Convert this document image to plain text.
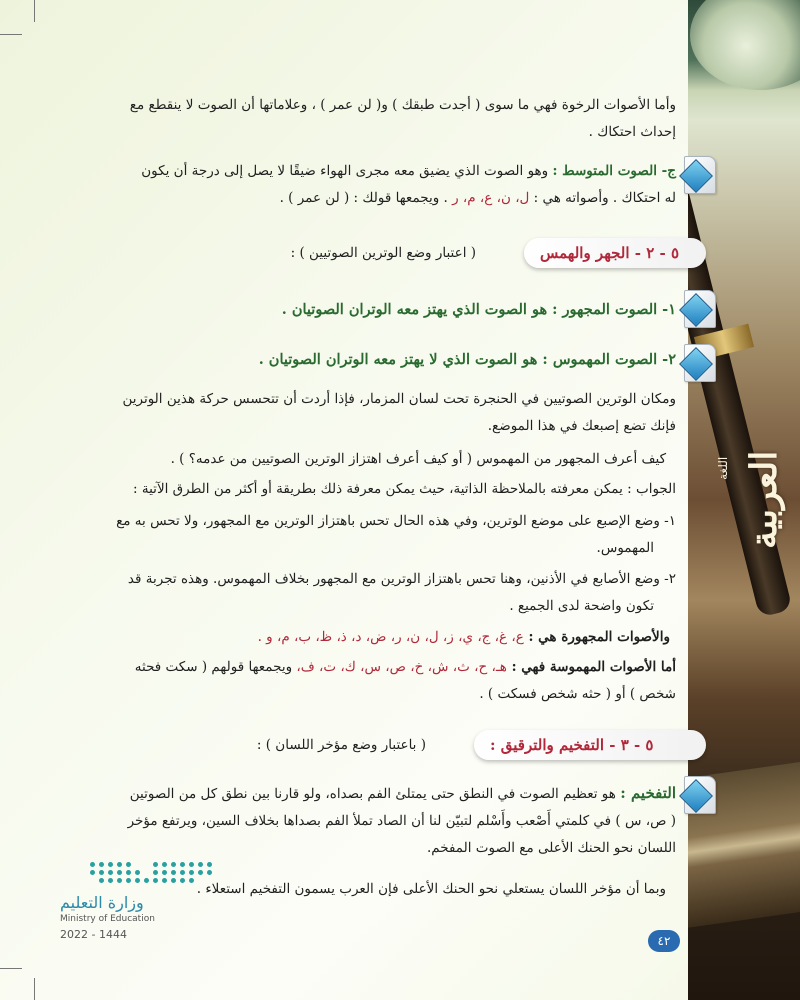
العربية
اللغة

وأما الأصوات الرخوة فهي ما سوى ( أجدت طبقك ) و( لن عمر ) ، وعلاماتها أن الصوت لا ينقطع مع

إحداث احتكاك .

ج- الصوت المتوسط : وهو الصوت الذي يضيق معه مجرى الهواء ضيقًا لا يصل إلى درجة أن يكون

له احتكاك . وأصواته هي : ل، ن، ع، م، ر . ويجمعها قولك : ( لن عمر ) .

٥ - ٢ - الجهر والهمس

( اعتبار وضع الوترين الصوتيين ) :

١- الصوت المجهور : هو الصوت الذي يهتز معه الوتران الصوتيان .

٢- الصوت المهموس : هو الصوت الذي لا يهتز معه الوتران الصوتيان .

ومكان الوترين الصوتيين في الحنجرة تحت لسان المزمار، فإذا أردت أن تتحسس حركة هذين الوترين

فإنك تضع إصبعك في هذا الموضع.

كيف أعرف المجهور من المهموس ( أو كيف أعرف اهتزاز الوترين الصوتيين من عدمه؟ ) .

الجواب : يمكن معرفته بالملاحظة الذاتية، حيث يمكن معرفة ذلك بطريقة أو أكثر من الطرق الآتية :

١- وضع الإصبع على موضع الوترين، وفي هذه الحال تحس باهتزاز الوترين مع المجهور، ولا تحس به مع

المهموس.

٢- وضع الأصابع في الأذنين، وهنا تحس باهتزاز الوترين مع المجهور بخلاف المهموس. وهذه تجربة قد

تكون واضحة لدى الجميع .

والأصوات المجهورة هي : ع، غ، ج، ي، ز، ل، ن، ر، ض، د، ذ، ظ، ب، م، و .

أما الأصوات المهموسة فهي : هـ، ح، ث، ش، خ، ص، س، ك، ت، ف، ويجمعها قولهم ( سكت فحثه

شخص ) أو ( حثه شخص فسكت ) .

٥ - ٣ - التفخيم والترقيق :

( باعتبار وضع مؤخر اللسان ) :

التفخيم : هو تعظيم الصوت في النطق حتى يمتلئ الفم بصداه، ولو قارنا بين نطق كل من الصوتين

( ص، س ) في كلمتي أَصْعب وأَسْلم لتبيّن لنا أن الصاد تملأ الفم بصداها بخلاف السين، ويرتفع مؤخر

اللسان نحو الحنك الأعلى مع الصوت المفخم.

وبما أن مؤخر اللسان يستعلي نحو الحنك الأعلى فإن العرب يسمون التفخيم استعلاء .

وزارة التعليم

Ministry of Education

2022 - 1444	٤٢
